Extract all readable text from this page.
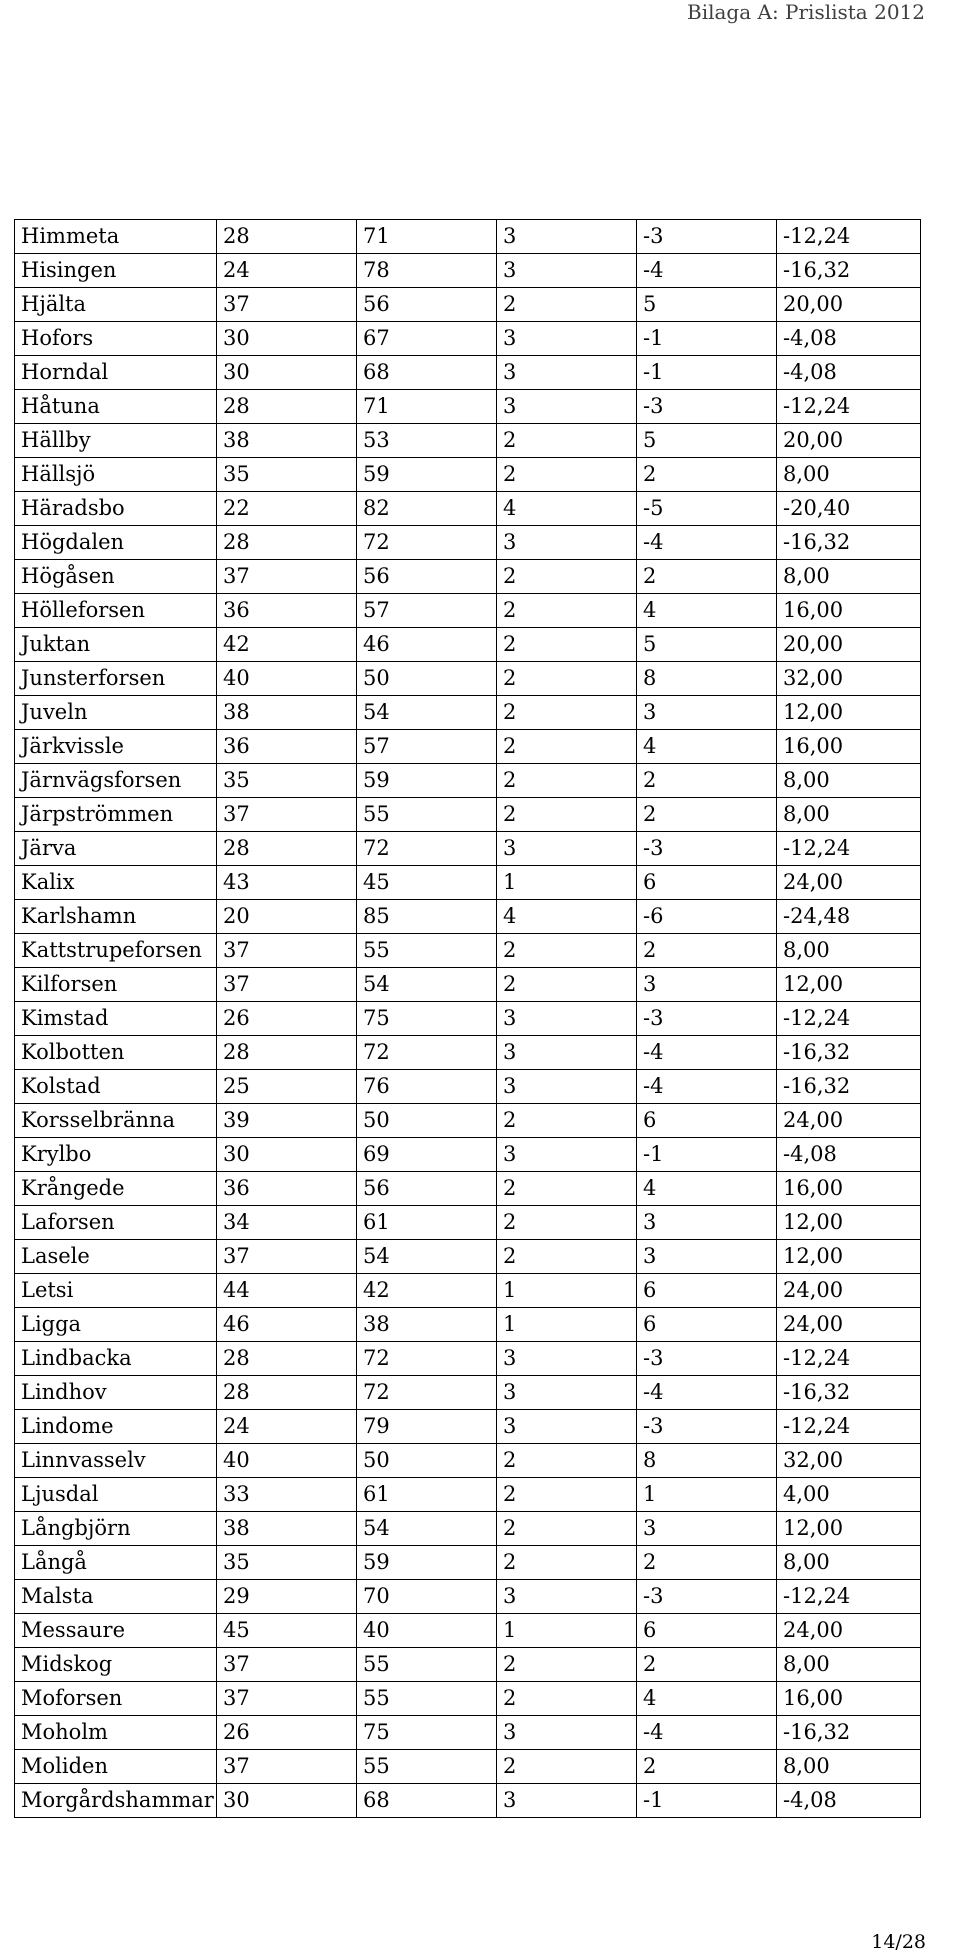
Bilaga A: Prislista 2012
Himmeta	28	71	3	-3	-12,24
Hisingen	24	78	3	-4	-16,32
Hjälta	37	56	2	5	20,00
Hofors	30	67	3	-1	-4,08
Horndal	30	68	3	-1	-4,08
Håtuna	28	71	3	-3	-12,24
Hällby	38	53	2	5	20,00
Hällsjö	35	59	2	2	8,00
Häradsbo	22	82	4	-5	-20,40
Högdalen	28	72	3	-4	-16,32
Högåsen	37	56	2	2	8,00
Hölleforsen	36	57	2	4	16,00
Juktan	42	46	2	5	20,00
Junsterforsen	40	50	2	8	32,00
Juveln	38	54	2	3	12,00
Järkvissle	36	57	2	4	16,00
Järnvägsforsen	35	59	2	2	8,00
Järpströmmen	37	55	2	2	8,00
Järva	28	72	3	-3	-12,24
Kalix	43	45	1	6	24,00
Karlshamn	20	85	4	-6	-24,48
Kattstrupeforsen	37	55	2	2	8,00
Kilforsen	37	54	2	3	12,00
Kimstad	26	75	3	-3	-12,24
Kolbotten	28	72	3	-4	-16,32
Kolstad	25	76	3	-4	-16,32
Korsselbränna	39	50	2	6	24,00
Krylbo	30	69	3	-1	-4,08
Krångede	36	56	2	4	16,00
Laforsen	34	61	2	3	12,00
Lasele	37	54	2	3	12,00
Letsi	44	42	1	6	24,00
Ligga	46	38	1	6	24,00
Lindbacka	28	72	3	-3	-12,24
Lindhov	28	72	3	-4	-16,32
Lindome	24	79	3	-3	-12,24
Linnvasselv	40	50	2	8	32,00
Ljusdal	33	61	2	1	4,00
Långbjörn	38	54	2	3	12,00
Långå	35	59	2	2	8,00
Malsta	29	70	3	-3	-12,24
Messaure	45	40	1	6	24,00
Midskog	37	55	2	2	8,00
Moforsen	37	55	2	4	16,00
Moholm	26	75	3	-4	-16,32
Moliden	37	55	2	2	8,00
Morgårdshammar	30	68	3	-1	-4,08
14/28
